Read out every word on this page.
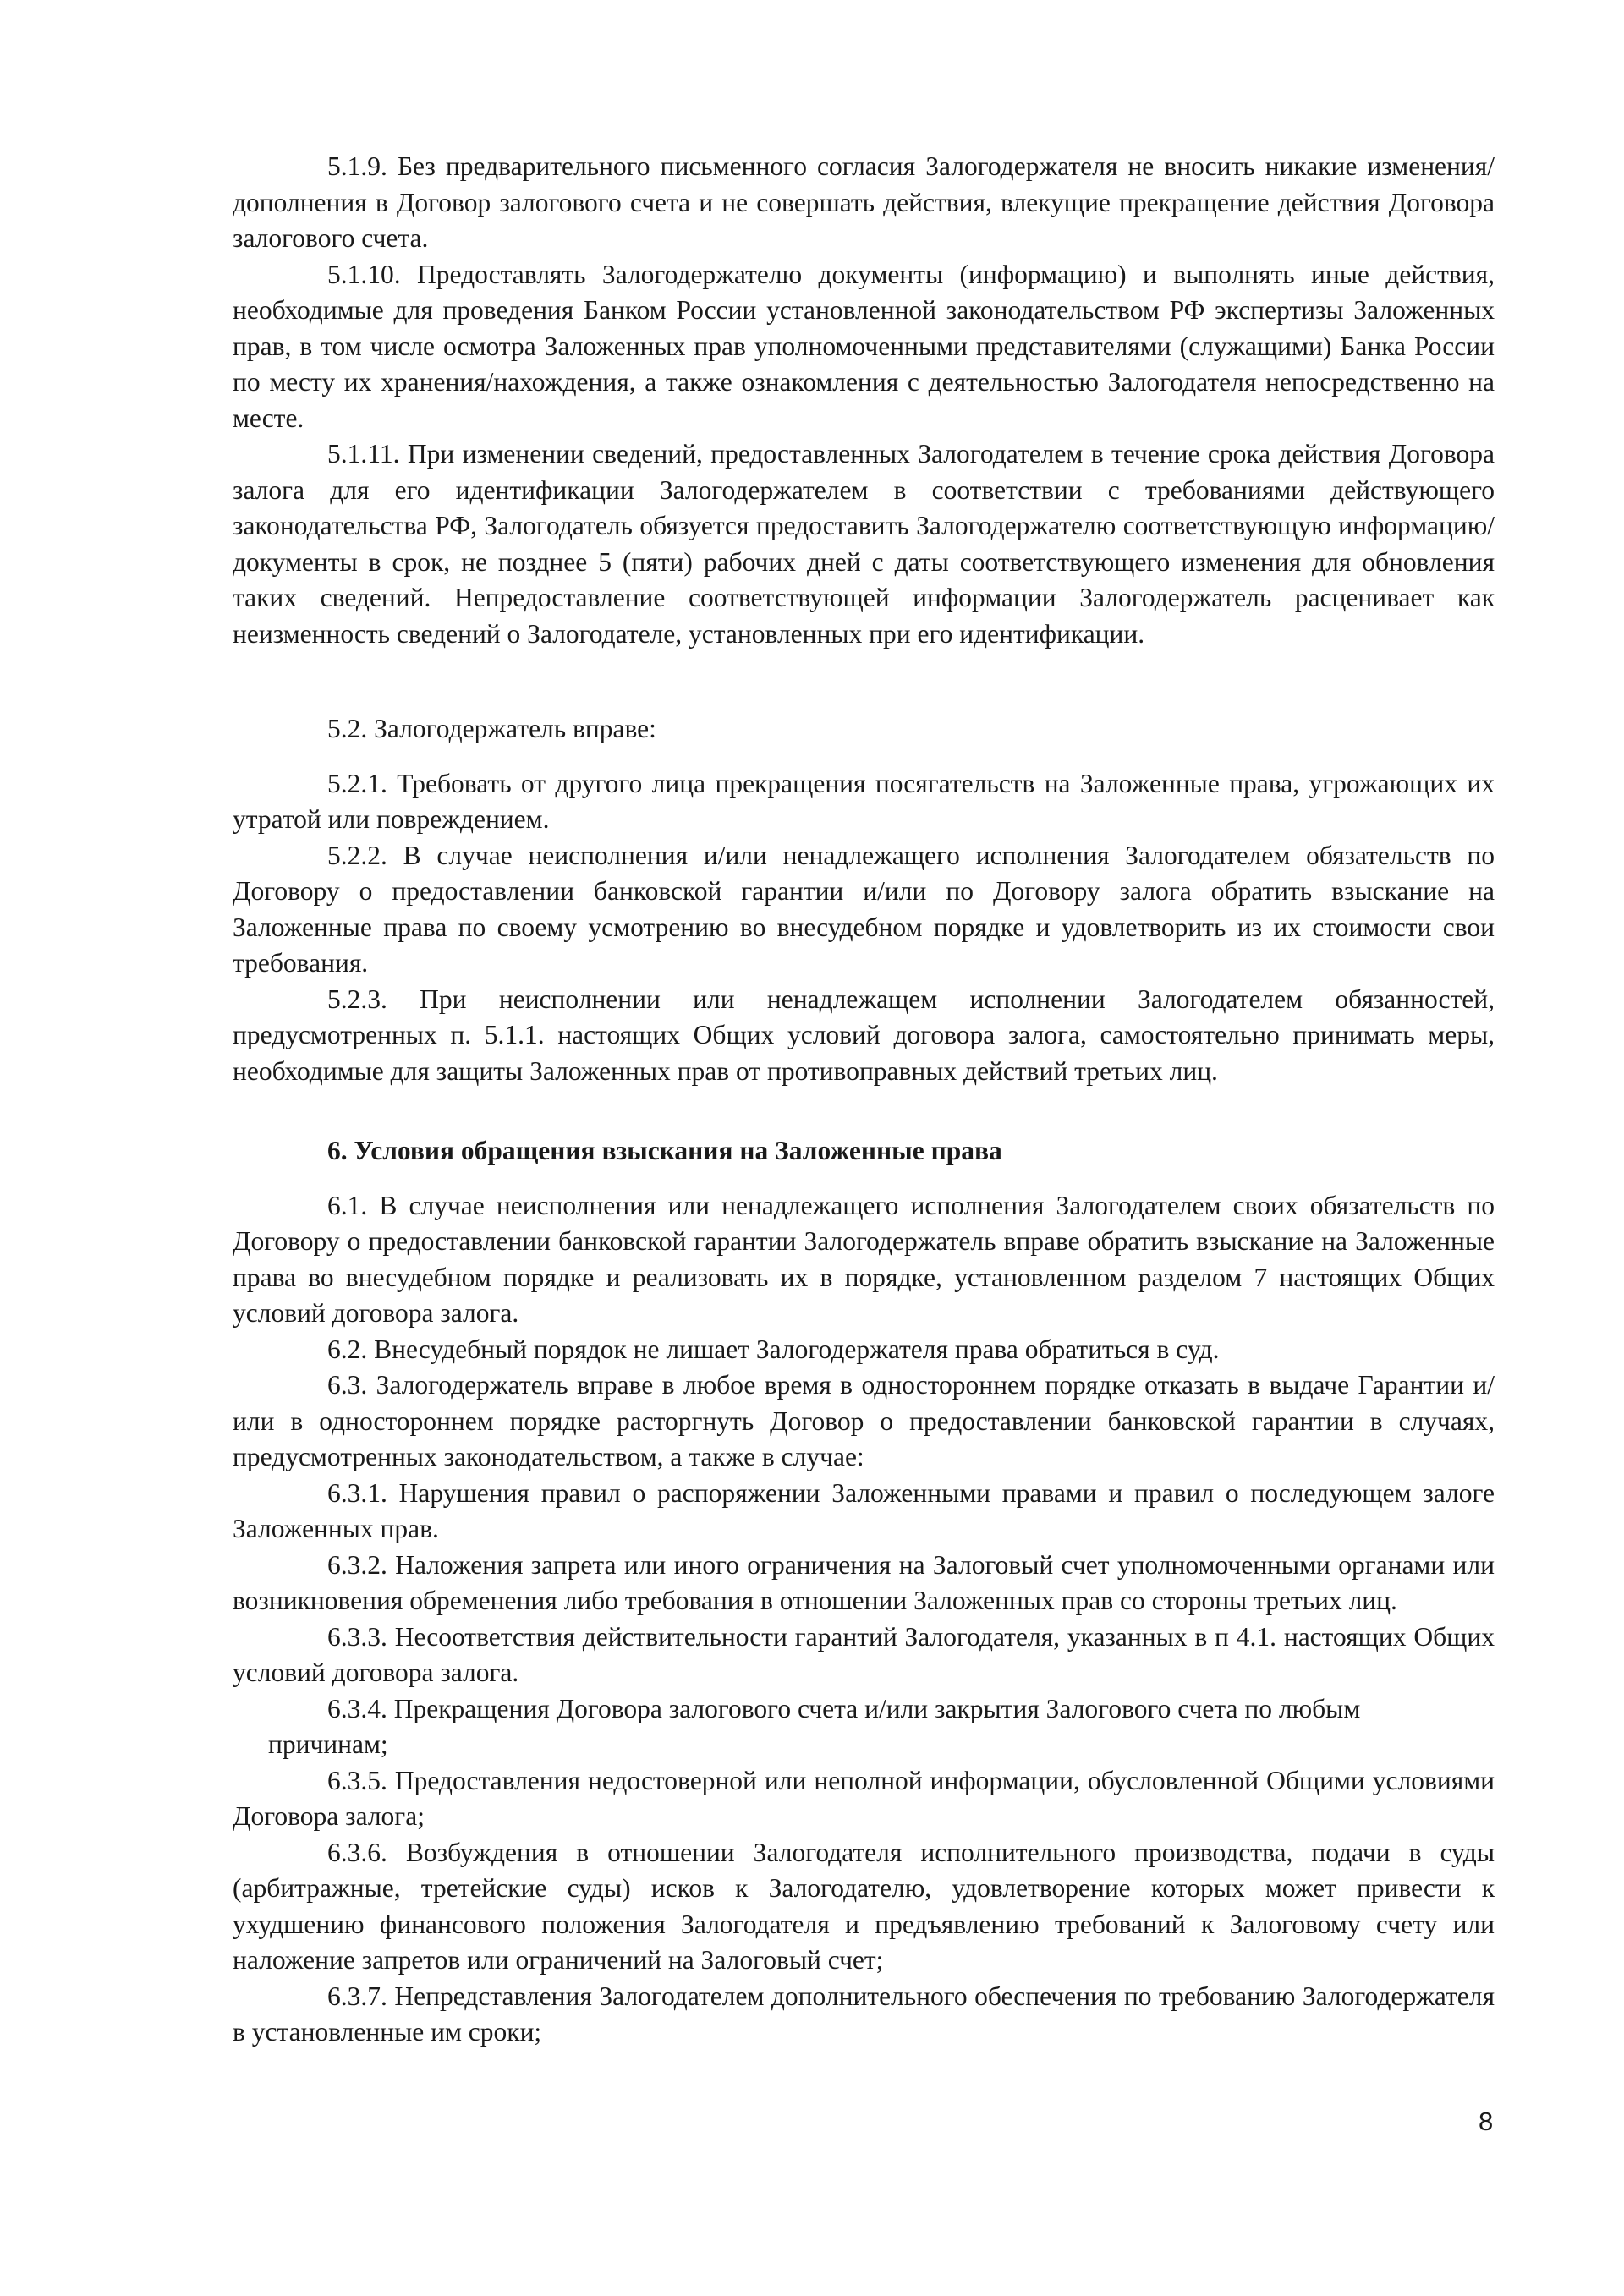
5.1.9. Без предварительного письменного согласия Залогодержателя не вносить никакие изменения/дополнения в Договор залогового счета и не совершать действия, влекущие прекращение действия Договора залогового счета.

5.1.10. Предоставлять Залогодержателю документы (информацию) и выполнять иные действия, необходимые для проведения Банком России установленной законодательством РФ экспертизы Заложенных прав, в том числе осмотра Заложенных прав уполномоченными представителями (служащими) Банка России по месту их хранения/нахождения, а также ознакомления с деятельностью Залогодателя непосредственно на месте.

5.1.11. При изменении сведений, предоставленных Залогодателем в течение срока действия Договора залога для его идентификации Залогодержателем в соответствии с требованиями действующего законодательства РФ, Залогодатель обязуется предоставить Залогодержателю соответствующую информацию/документы в срок, не позднее 5 (пяти) рабочих дней с даты соответствующего изменения для обновления таких сведений. Непредоставление соответствующей информации Залогодержатель расценивает как неизменность сведений о Залогодателе, установленных при его идентификации.

5.2. Залогодержатель вправе:

5.2.1. Требовать от другого лица прекращения посягательств на Заложенные права, угрожающих их утратой или повреждением.

5.2.2. В случае неисполнения и/или ненадлежащего исполнения Залогодателем обязательств по Договору о предоставлении банковской гарантии и/или по Договору залога обратить взыскание на Заложенные права по своему усмотрению во внесудебном порядке и удовлетворить из их стоимости свои требования.

5.2.3. При неисполнении или ненадлежащем исполнении Залогодателем обязанностей, предусмотренных п. 5.1.1. настоящих Общих условий договора залога, самостоятельно принимать меры, необходимые для защиты Заложенных прав от противоправных действий третьих лиц.

6. Условия обращения взыскания на Заложенные права

6.1. В случае неисполнения или ненадлежащего исполнения Залогодателем своих обязательств по Договору о предоставлении банковской гарантии Залогодержатель вправе обратить взыскание на Заложенные права во внесудебном порядке и реализовать их в порядке, установленном разделом 7 настоящих Общих условий договора залога.

6.2. Внесудебный порядок не лишает Залогодержателя права обратиться в суд.

6.3. Залогодержатель вправе в любое время в одностороннем порядке отказать в выдаче Гарантии и/или в одностороннем порядке расторгнуть Договор о предоставлении банковской гарантии в случаях, предусмотренных законодательством, а также в случае:

6.3.1. Нарушения правил о распоряжении Заложенными правами и правил о последующем залоге Заложенных прав.

6.3.2. Наложения запрета или иного ограничения на Залоговый счет уполномоченными органами или возникновения обременения либо требования в отношении Заложенных прав со стороны третьих лиц.

6.3.3. Несоответствия действительности гарантий Залогодателя, указанных в п 4.1. настоящих Общих условий договора залога.

6.3.4. Прекращения Договора залогового счета и/или закрытия Залогового счета по любым
причинам;

6.3.5. Предоставления недостоверной или неполной информации, обусловленной Общими условиями Договора залога;

6.3.6. Возбуждения в отношении Залогодателя исполнительного производства, подачи в суды (арбитражные, третейские суды) исков к Залогодателю, удовлетворение которых может привести к ухудшению финансового положения Залогодателя и предъявлению требований к Залоговому счету или наложение запретов или ограничений на Залоговый счет;

6.3.7. Непредставления Залогодателем дополнительного обеспечения по требованию Залогодержателя в установленные им сроки;

8
